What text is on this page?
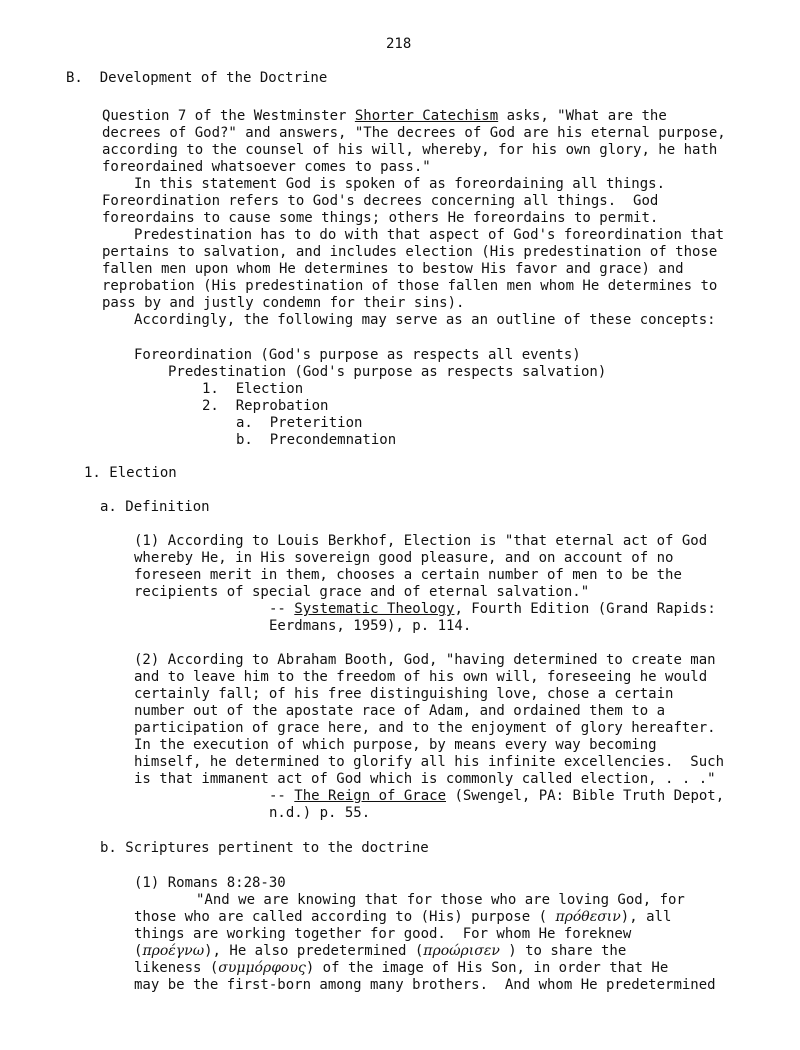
218
B.  Development of the Doctrine
Question 7 of the Westminster Shorter Catechism asks, "What are the
decrees of God?" and answers, "The decrees of God are his eternal purpose,
according to the counsel of his will, whereby, for his own glory, he hath
foreordained whatsoever comes to pass."
In this statement God is spoken of as foreordaining all things.
Foreordination refers to God's decrees concerning all things.  God
foreordains to cause some things; others He foreordains to permit.
Predestination has to do with that aspect of God's foreordination that
pertains to salvation, and includes election (His predestination of those
fallen men upon whom He determines to bestow His favor and grace) and
reprobation (His predestination of those fallen men whom He determines to
pass by and justly condemn for their sins).
Accordingly, the following may serve as an outline of these concepts:
Foreordination (God's purpose as respects all events)
Predestination (God's purpose as respects salvation)
1.  Election
2.  Reprobation
a.  Preterition
b.  Precondemnation
1. Election
a. Definition
(1) According to Louis Berkhof, Election is "that eternal act of God
whereby He, in His sovereign good pleasure, and on account of no
foreseen merit in them, chooses a certain number of men to be the
recipients of special grace and of eternal salvation."
-- Systematic Theology, Fourth Edition (Grand Rapids:
Eerdmans, 1959), p. 114.
(2) According to Abraham Booth, God, "having determined to create man
and to leave him to the freedom of his own will, foreseeing he would
certainly fall; of his free distinguishing love, chose a certain
number out of the apostate race of Adam, and ordained them to a
participation of grace here, and to the enjoyment of glory hereafter.
In the execution of which purpose, by means every way becoming
himself, he determined to glorify all his infinite excellencies.  Such
is that immanent act of God which is commonly called election, . . ."
-- The Reign of Grace (Swengel, PA: Bible Truth Depot,
n.d.) p. 55.
b. Scriptures pertinent to the doctrine
(1) Romans 8:28-30
"And we are knowing that for those who are loving God, for
those who are called according to (His) purpose ( πρόθεσιν), all
things are working together for good.  For whom He foreknew
(προέγνω), He also predetermined (προώρισεν ) to share the
likeness (συμμόρφους) of the image of His Son, in order that He
may be the first-born among many brothers.  And whom He predetermined
